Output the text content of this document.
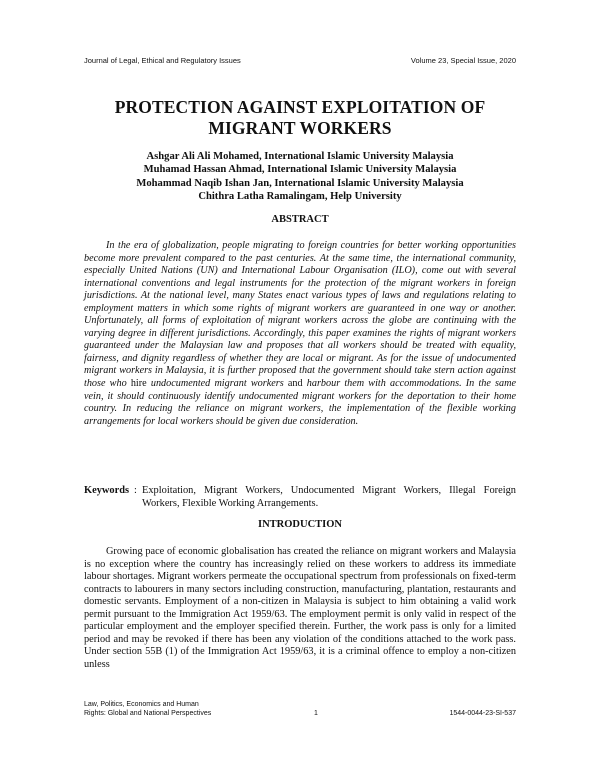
Journal of Legal, Ethical and Regulatory Issues	Volume 23, Special Issue, 2020
PROTECTION AGAINST EXPLOITATION OF
MIGRANT WORKERS
Ashgar Ali Ali Mohamed, International Islamic University Malaysia
Muhamad Hassan Ahmad, International Islamic University Malaysia
Mohammad Naqib Ishan Jan, International Islamic University Malaysia
Chithra Latha Ramalingam, Help University
ABSTRACT
In the era of globalization, people migrating to foreign countries for better working opportunities become more prevalent compared to the past centuries. At the same time, the international community, especially United Nations (UN) and International Labour Organisation (ILO), come out with several international conventions and legal instruments for the protection of the migrant workers in foreign jurisdictions. At the national level, many States enact various types of laws and regulations relating to employment matters in which some rights of migrant workers are guaranteed in one way or another. Unfortunately, all forms of exploitation of migrant workers across the globe are continuing with the varying degree in different jurisdictions. Accordingly, this paper examines the rights of migrant workers guaranteed under the Malaysian law and proposes that all workers should be treated with equality, fairness, and dignity regardless of whether they are local or migrant. As for the issue of undocumented migrant workers in Malaysia, it is further proposed that the government should take stern action against those who hire undocumented migrant workers and harbour them with accommodations. In the same vein, it should continuously identify undocumented migrant workers for the deportation to their home country. In reducing the reliance on migrant workers, the implementation of the flexible working arrangements for local workers should be given due consideration.
Keywords : Exploitation, Migrant Workers, Undocumented Migrant Workers, Illegal Foreign Workers, Flexible Working Arrangements.
INTRODUCTION
Growing pace of economic globalisation has created the reliance on migrant workers and Malaysia is no exception where the country has increasingly relied on these workers to address its immediate labour shortages. Migrant workers permeate the occupational spectrum from professionals on fixed-term contracts to labourers in many sectors including construction, manufacturing, plantation, restaurants and domestic servants. Employment of a non-citizen in Malaysia is subject to him obtaining a valid work permit pursuant to the Immigration Act 1959/63. The employment permit is only valid in respect of the particular employment and the employer specified therein. Further, the work pass is only for a limited period and may be revoked if there has been any violation of the conditions attached to the work pass. Under section 55B (1) of the Immigration Act 1959/63, it is a criminal offence to employ a non-citizen unless
Law, Politics, Economics and Human
Rights: Global and National Perspectives	1	1544-0044-23-SI-537
